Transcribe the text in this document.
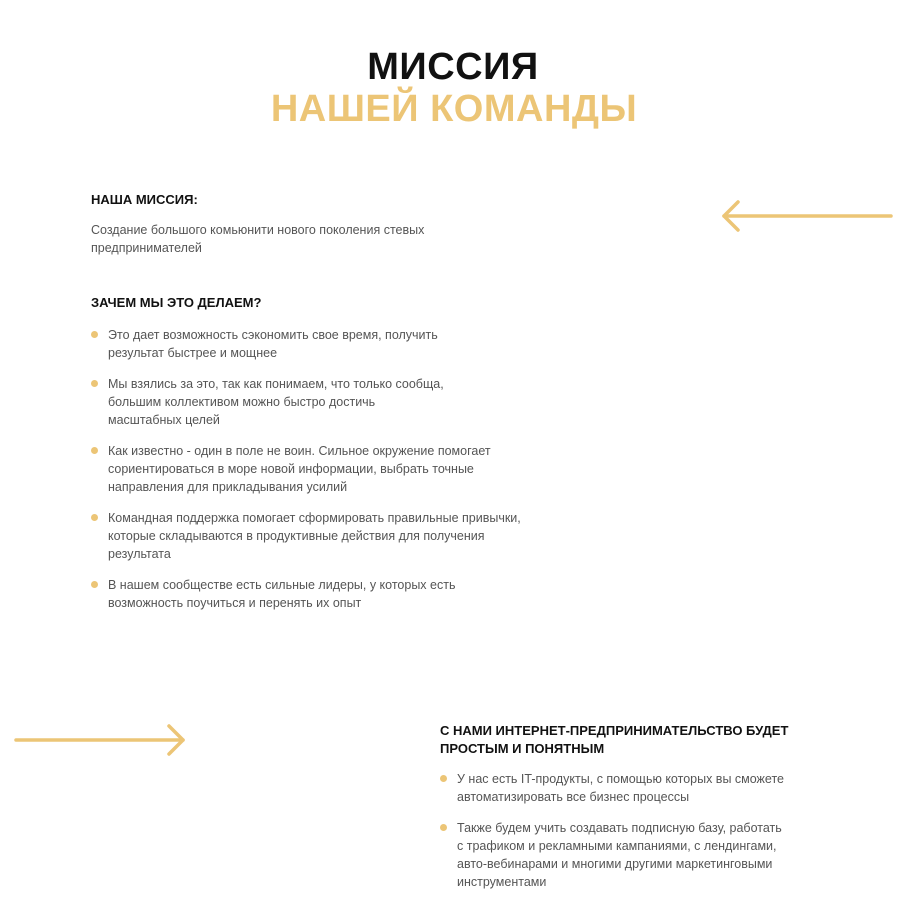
МИССИЯ
НАШЕЙ КОМАНДЫ
НАША МИССИЯ:
Создание большого комьюнити нового поколения стевых
предпринимателей
ЗАЧЕМ МЫ ЭТО ДЕЛАЕМ?
Это дает возможность сэкономить свое время, получить
результат быстрее и мощнее
Мы взялись за это, так как понимаем, что только сообща,
большим коллективом можно быстро достичь
масштабных целей
Как известно - один в поле не воин. Сильное окружение помогает
сориентироваться в море новой информации, выбрать точные
направления для прикладывания усилий
Командная поддержка помогает сформировать правильные привычки,
которые складываются в продуктивные действия для получения
результата
В нашем сообществе есть сильные лидеры, у которых есть
возможность поучиться и перенять их опыт
С НАМИ ИНТЕРНЕТ-ПРЕДПРИНИМАТЕЛЬСТВО БУДЕТ
ПРОСТЫМ И ПОНЯТНЫМ
У нас есть IT-продукты, с помощью которых вы сможете
автоматизировать все бизнес процессы
Также будем учить создавать подписную базу, работать
с трафиком и рекламными кампаниями, с лендингами,
авто-вебинарами и многими другими маркетинговыми
инструментами
